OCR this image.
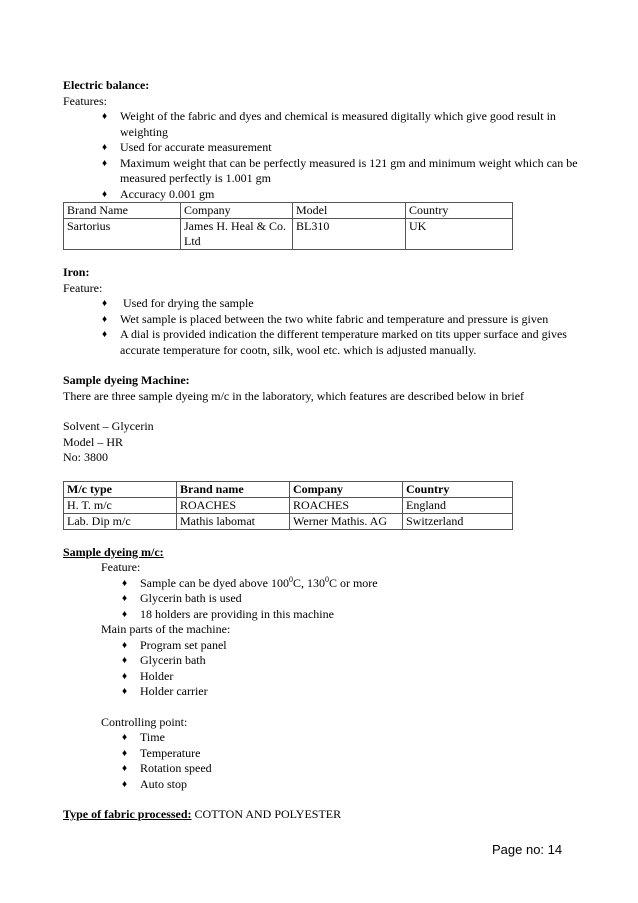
Electric balance:
Features:
♦ Weight of the fabric and dyes and chemical is measured digitally which give good result in weighting
♦ Used for accurate measurement
♦ Maximum weight that can be perfectly measured is 121 gm and minimum weight which can be measured perfectly is 1.001 gm
♦ Accuracy 0.001 gm
Brand Name	Company	Model	Country
Sartorius	James H. Heal & Co. Ltd	BL310	UK
Iron:
Feature:
♦ Used for drying the sample
♦ Wet sample is placed between the two white fabric and temperature and pressure is given
♦ A dial is provided indication the different temperature marked on tits upper surface and gives accurate temperature for cootn, silk, wool etc. which is adjusted manually.
Sample dyeing Machine:
There are three sample dyeing m/c in the laboratory, which features are described below in brief
Solvent – Glycerin
Model – HR
No: 3800
M/c type	Brand name	Company	Country
H. T. m/c	ROACHES	ROACHES	England
Lab. Dip m/c	Mathis labomat	Werner Mathis. AG	Switzerland
Sample dyeing m/c:
Feature:
♦ Sample can be dyed above $100^0C$, $130^0C$ or more
♦ Glycerin bath is used
♦ 18 holders are providing in this machine
Main parts of the machine:
♦ Program set panel
♦ Glycerin bath
♦ Holder
♦ Holder carrier
Controlling point:
♦ Time
♦ Temperature
♦ Rotation speed
♦ Auto stop
Type of fabric processed: COTTON AND POLYESTER
Page no: 14
